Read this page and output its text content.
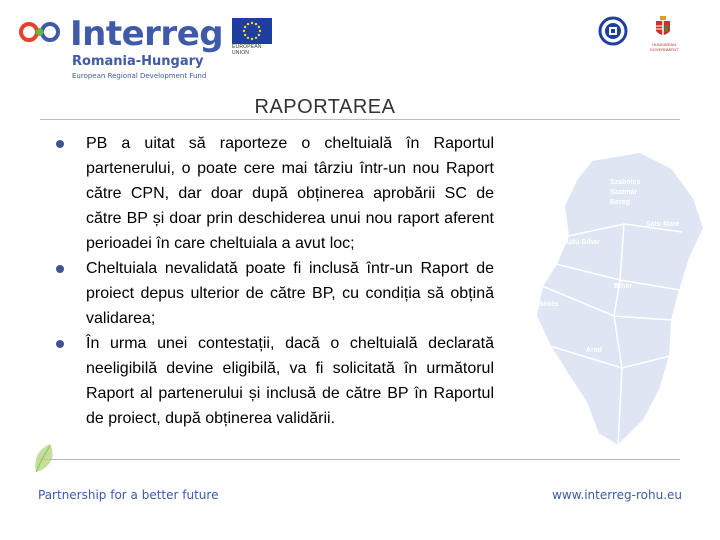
Interreg
Romania-Hungary
European Regional Development Fund
EUROPEAN UNION
HUNGARIAN GOVERNMENT
RAPORTAREA
Szabolcs
Szatmár
Bereg
Satu Mare
Hajdú-Bihar
Bihor
Békés
Csongrád
Arad
Timiș
PB a uitat să raporteze o cheltuială în Raportul partenerului, o poate cere mai târziu într-un nou Raport către CPN, dar doar după obținerea aprobării SC de către BP și doar prin deschiderea unui nou raport aferent perioadei în care cheltuiala a avut loc;
Cheltuiala nevalidată poate fi inclusă într-un Raport de proiect depus ulterior de către BP, cu condiția să obțină validarea;
În urma unei contestații, dacă o cheltuială declarată neeligibilă devine eligibilă, va fi solicitată în următorul Raport al partenerului și inclusă de către BP în Raportul de proiect, după obținerea validării.
Partnership for a better future	www.interreg-rohu.eu
